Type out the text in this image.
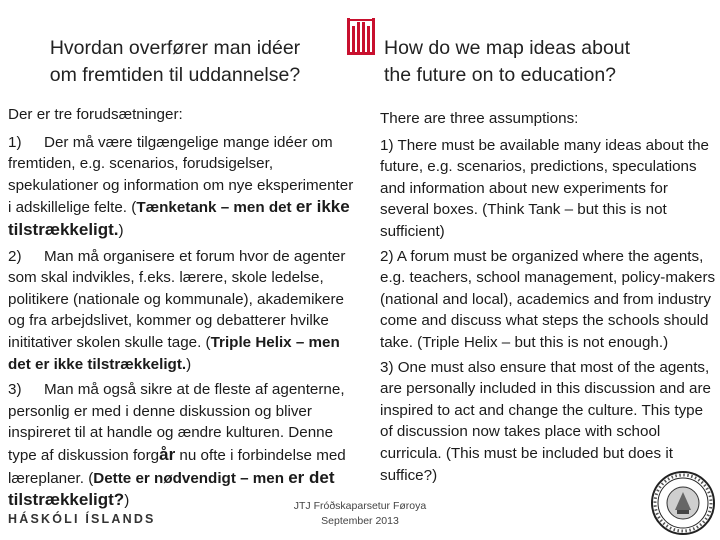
Hvordan overfører man idéer
om fremtiden til uddannelse?
How do we map ideas about
the future on to education?

Der er tre forudsætninger:

1) Der må være tilgængelige mange idéer om fremtiden, e.g. scenarios, forudsigelser, spekulationer og information om nye eksperimenter i adskillelige felte. (Tænketank – men det er ikke tilstrækkeligt.)

2) Man må organisere et forum hvor de agenter som skal indvikles, f.eks. lærere, skole ledelse, politikere (nationale og kommunale), akademikere og fra arbejdslivet, kommer og debatterer hvilke inititativer skolen skulle tage. (Triple Helix – men det er ikke tilstrækkeligt.)

3) Man må også sikre at de fleste af agenterne, personlig er med i denne diskussion og bliver inspireret til at handle og ændre kulturen. Denne type af diskussion forgår nu ofte i forbindelse med læreplaner. (Dette er nødvendigt – men er det tilstrækkeligt?)

There are three assumptions:

1) There must be available many ideas about the future, e.g. scenarios, predictions, speculations and information about new experiments for several boxes. (Think Tank – but this is not sufficient)

2) A forum must be organized where the agents, e.g. teachers, school management, policy-makers (national and local), academics and from industry come and discuss what steps the schools should take. (Triple Helix – but this is not enough.)

3) One must also ensure that most of the agents, are personally included in this discussion and are inspired to act and change the culture. This type of discussion now takes place with school curricula. (This must be included but does it suffice?)

JTJ Fróðskaparsetur Føroya
September 2013
HÁSKÓLI ÍSLANDS
